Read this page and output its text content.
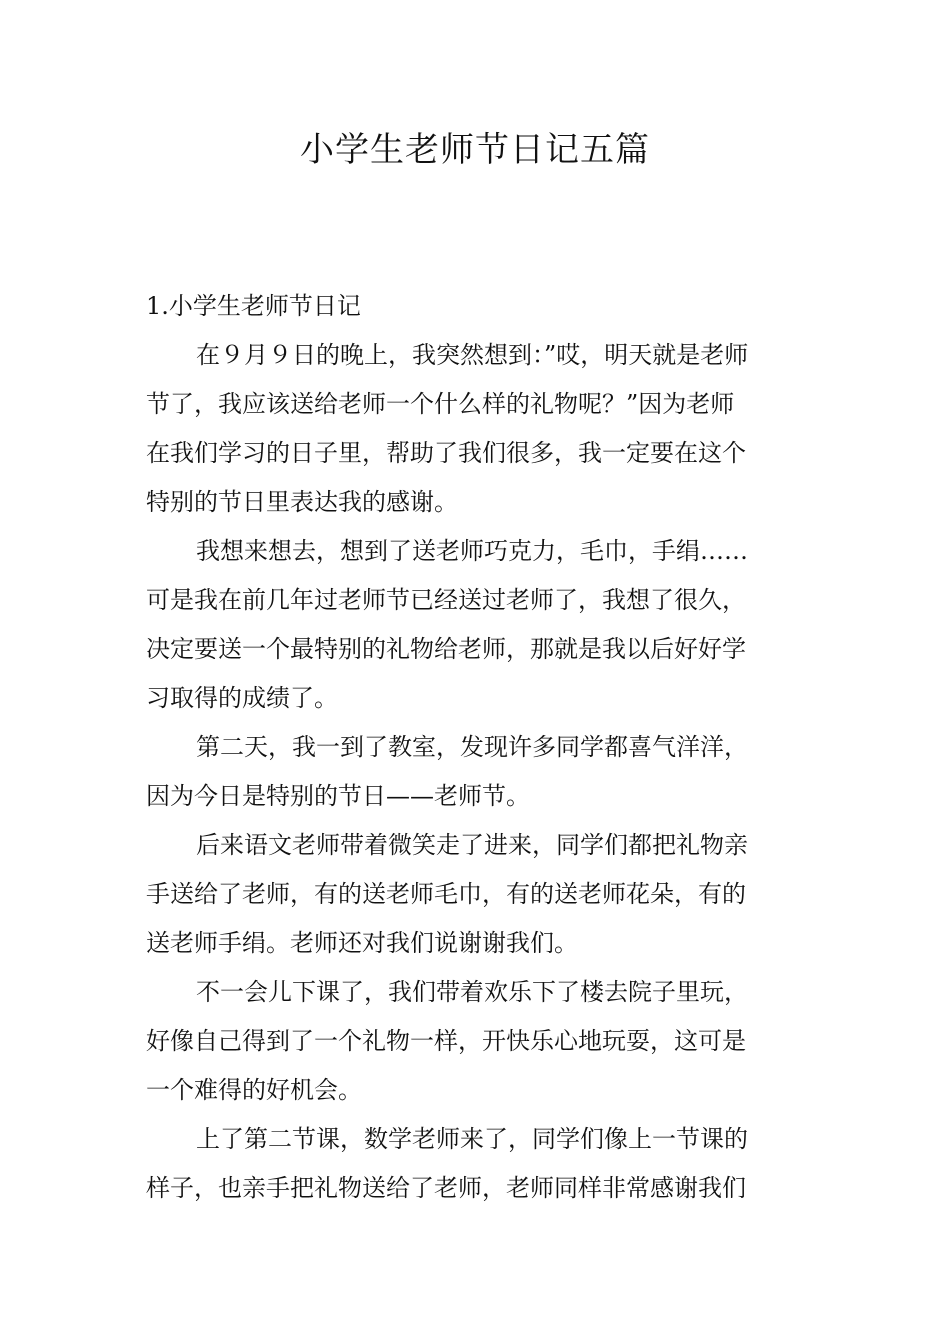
小学生老师节日记五篇
1.小学生老师节日记

在９月９日的晚上，我突然想到：”哎，明天就是老师
节了，我应该送给老师一个什么样的礼物呢？”因为老师
在我们学习的日子里，帮助了我们很多，我一定要在这个
特别的节日里表达我的感谢。

我想来想去，想到了送老师巧克力，毛巾，手绢……
可是我在前几年过老师节已经送过老师了，我想了很久，
决定要送一个最特别的礼物给老师，那就是我以后好好学
习取得的成绩了。

第二天，我一到了教室，发现许多同学都喜气洋洋，
因为今日是特别的节日——老师节。

后来语文老师带着微笑走了进来，同学们都把礼物亲
手送给了老师，有的送老师毛巾，有的送老师花朵，有的
送老师手绢。老师还对我们说谢谢我们。

不一会儿下课了，我们带着欢乐下了楼去院子里玩，
好像自己得到了一个礼物一样，开快乐心地玩耍，这可是
一个难得的好机会。

上了第二节课，数学老师来了，同学们像上一节课的
样子，也亲手把礼物送给了老师，老师同样非常感谢我们
